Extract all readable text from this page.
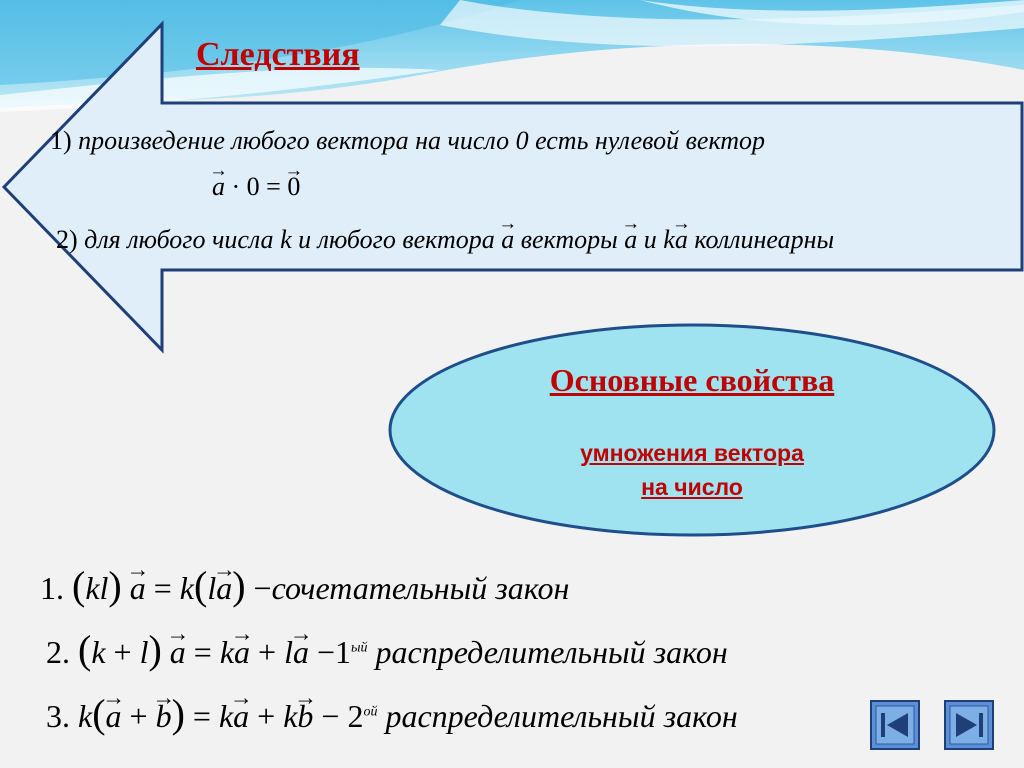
Следствия
1) произведение любого вектора на число 0 есть нулевой вектор
→ a · 0 = → 0
2) для любого числа k и любого вектора → a векторы → a и k→ a коллинеарны
Основные свойства
умножения вектора
на число
1. (kl) → a = k(l→ a) −сочетательный закон
2. $(k + l) \to a = k\to a + l\to a -1^{ый}$ распределительный закон
3. k(→ a + → $b) = k\to a + k\to b - 2^{ой}$ распределительный закон
